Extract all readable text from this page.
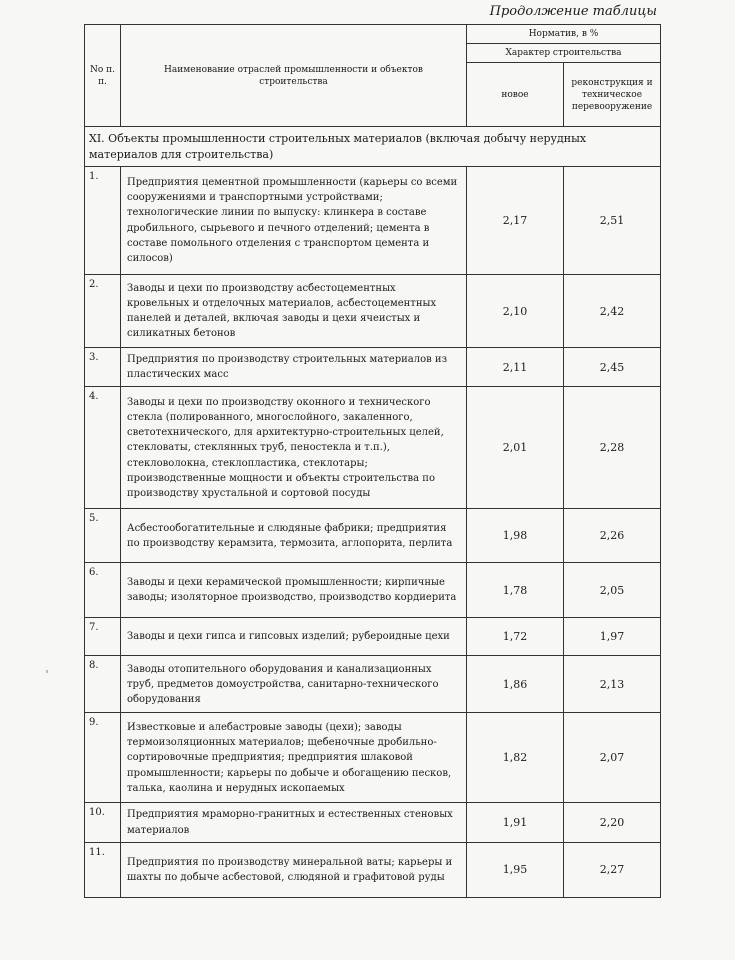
Продолжение таблицы
No п. п.	Наименование отраслей промышленности и объектов строительства	Норматив, в %	
		Характер строительства	
		новое	реконструкция и техническое перевооружение
XI. Объекты промышленности строительных материалов (включая добычу нерудных материалов для строительства)			
1.	Предприятия цементной промышленности (карьеры со всеми сооружениями и транспортными устройствами; технологические линии по выпуску: клинкера в составе дробильного, сырьевого и печного отделений; цемента в составе помольного отделения с транспортом цемента и силосов)	2,17	2,51
2.	Заводы и цехи по производству асбестоцементных кровельных и отделочных материалов, асбестоцементных панелей и деталей, включая заводы и цехи ячеистых и силикатных бетонов	2,10	2,42
3.	Предприятия по производству строительных материалов из пластических масс	2,11	2,45
4.	Заводы и цехи по производству оконного и технического стекла (полированного, многослойного, закаленного, светотехнического, для архитектурно-строительных целей, стекловаты, стеклянных труб, пеностекла и т.п.), стекловолокна, стеклопластика, стеклотары; производственные мощности и объекты строительства по производству хрустальной и сортовой посуды	2,01	2,28
5.	Асбестообогатительные и слюдяные фабрики; предприятия по производству керамзита, термозита, аглопорита, перлита	1,98	2,26
6.	Заводы и цехи керамической промышленности; кирпичные заводы; изоляторное производство, производство кордиерита	1,78	2,05
7.	Заводы и цехи гипса и гипсовых изделий; рубероидные цехи	1,72	1,97
8.	Заводы отопительного оборудования и канализационных труб, предметов домоустройства, санитарно-технического оборудования	1,86	2,13
9.	Известковые и алебастровые заводы (цехи); заводы термоизоляционных материалов; щебеночные дробильно-сортировочные предприятия; предприятия шлаковой промышленности; карьеры по добыче и обогащению песков, талька, каолина и нерудных ископаемых	1,82	2,07
10.	Предприятия мраморно-гранитных и естественных стеновых материалов	1,91	2,20
11.	Предприятия по производству минеральной ваты; карьеры и шахты по добыче асбестовой, слюдяной и графитовой руды	1,95	2,27
